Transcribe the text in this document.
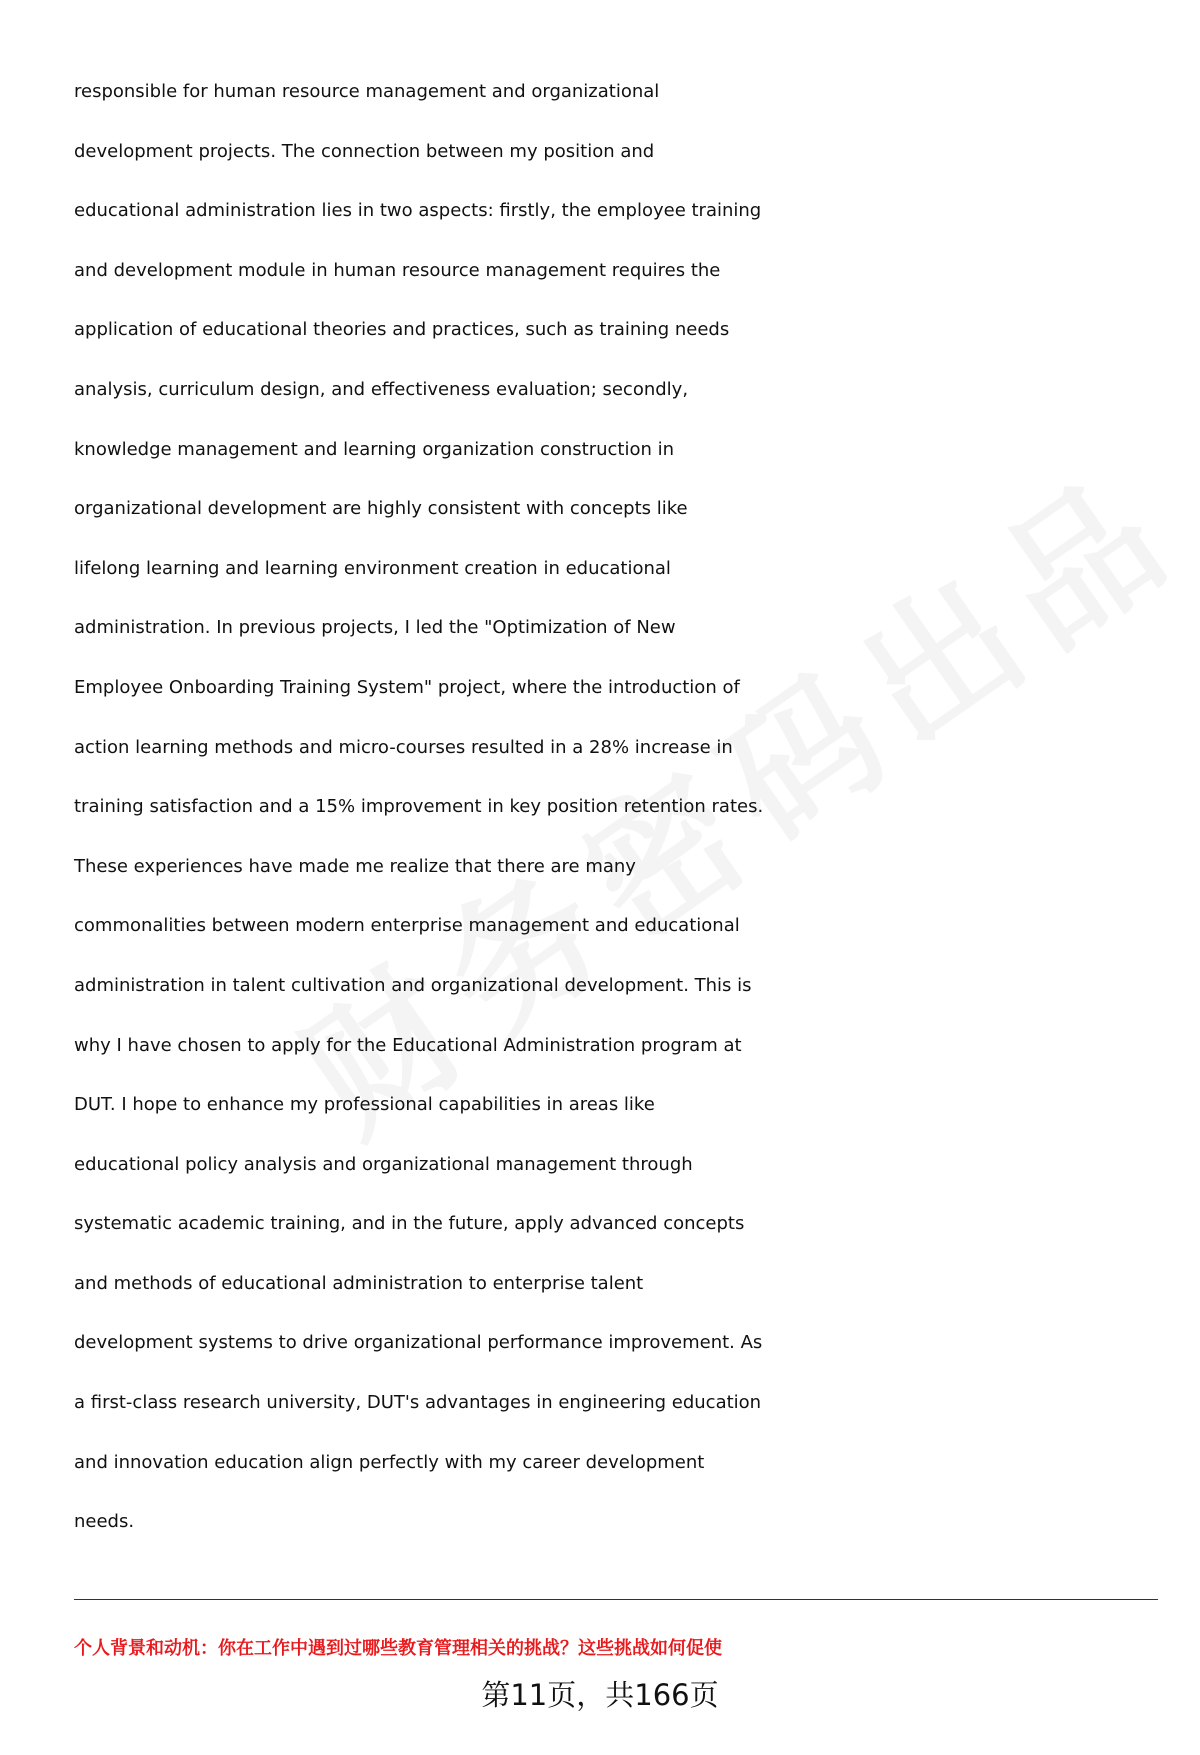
responsible for human resource management and organizational
development projects. The connection between my position and
educational administration lies in two aspects: firstly, the employee training
and development module in human resource management requires the
application of educational theories and practices, such as training needs
analysis, curriculum design, and effectiveness evaluation; secondly,
knowledge management and learning organization construction in
organizational development are highly consistent with concepts like
lifelong learning and learning environment creation in educational
administration. In previous projects, I led the "Optimization of New
Employee Onboarding Training System" project, where the introduction of
action learning methods and micro-courses resulted in a 28% increase in
training satisfaction and a 15% improvement in key position retention rates.
These experiences have made me realize that there are many
commonalities between modern enterprise management and educational
administration in talent cultivation and organizational development. This is
why I have chosen to apply for the Educational Administration program at
DUT. I hope to enhance my professional capabilities in areas like
educational policy analysis and organizational management through
systematic academic training, and in the future, apply advanced concepts
and methods of educational administration to enterprise talent
development systems to drive organizational performance improvement. As
a first-class research university, DUT's advantages in engineering education
and innovation education align perfectly with my career development
needs.
个人背景和动机：你在工作中遇到过哪些教育管理相关的挑战？这些挑战如何促使
第11页，共166页
